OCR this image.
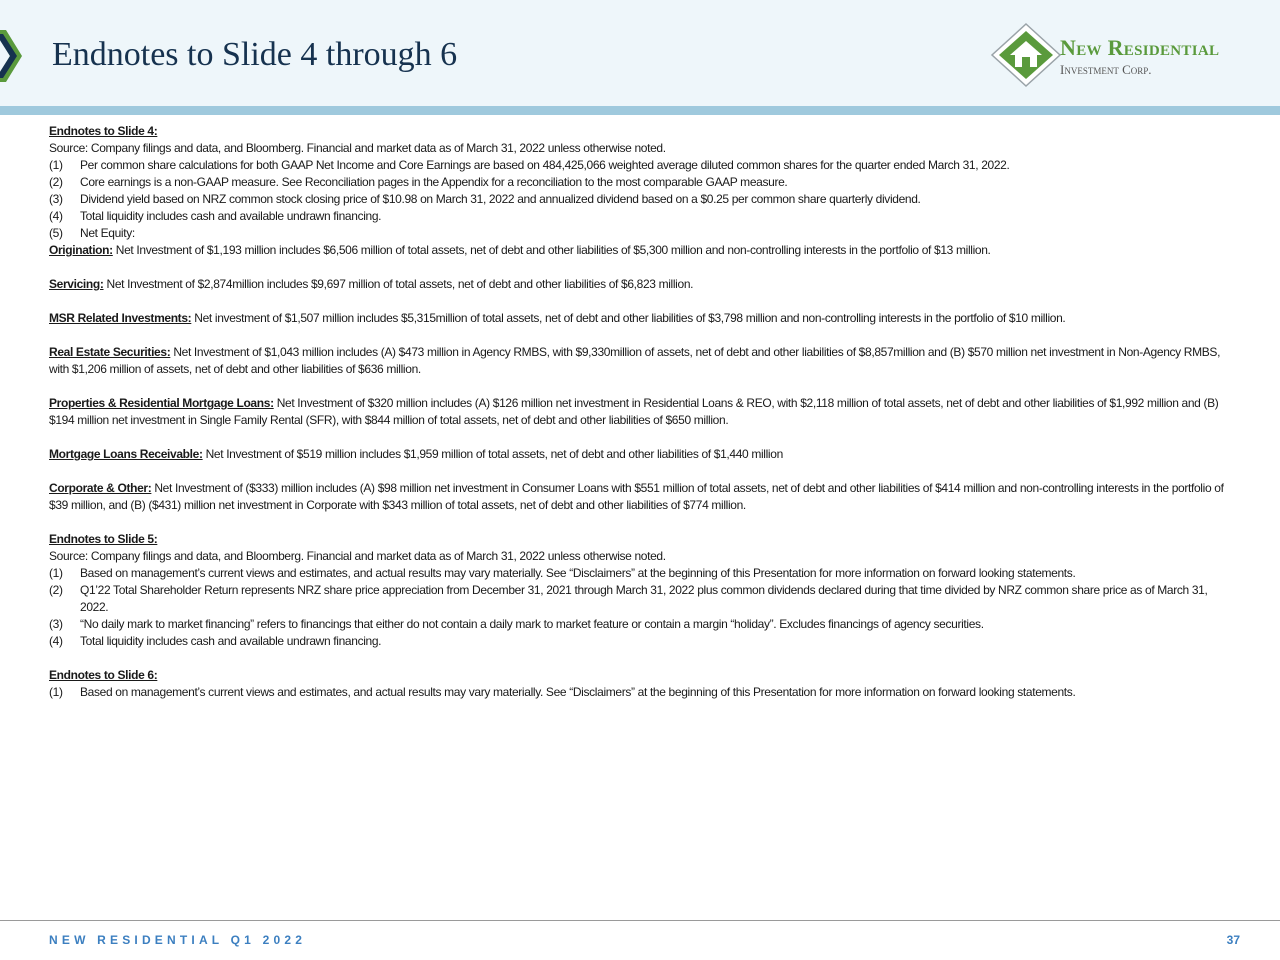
Endnotes to Slide 4 through 6	New Residential
Investment Corp.

Endnotes to Slide 4:

Source: Company filings and data, and Bloomberg. Financial and market data as of March 31, 2022 unless otherwise noted.

(1)	Per common share calculations for both GAAP Net Income and Core Earnings are based on 484,425,066 weighted average diluted common shares for the quarter ended March 31, 2022.
(2)	Core earnings is a non-GAAP measure. See Reconciliation pages in the Appendix for a reconciliation to the most comparable GAAP measure.
(3)	Dividend yield based on NRZ common stock closing price of $10.98 on March 31, 2022 and annualized dividend based on a $0.25 per common share quarterly dividend.
(4)	Total liquidity includes cash and available undrawn financing.
(5)	Net Equity:

Origination: Net Investment of $1,193 million includes $6,506 million of total assets, net of debt and other liabilities of $5,300 million and non-controlling interests in the portfolio of $13 million.

Servicing: Net Investment of $2,874million includes $9,697 million of total assets, net of debt and other liabilities of $6,823 million.

MSR Related Investments: Net investment of $1,507 million includes $5,315million of total assets, net of debt and other liabilities of $3,798 million and non-controlling interests in the portfolio of $10 million.

Real Estate Securities: Net Investment of $1,043 million includes (A) $473 million in Agency RMBS, with $9,330million of assets, net of debt and other liabilities of $8,857million and (B) $570 million net investment in Non-Agency RMBS, with $1,206 million of assets, net of debt and other liabilities of $636 million.

Properties & Residential Mortgage Loans: Net Investment of $320 million includes (A) $126 million net investment in Residential Loans & REO, with $2,118 million of total assets, net of debt and other liabilities of $1,992 million and (B) $194 million net investment in Single Family Rental (SFR), with $844 million of total assets, net of debt and other liabilities of $650 million.

Mortgage Loans Receivable: Net Investment of $519 million includes $1,959 million of total assets, net of debt and other liabilities of $1,440 million

Corporate & Other: Net Investment of ($333) million includes (A) $98 million net investment in Consumer Loans with $551 million of total assets, net of debt and other liabilities of $414 million and non-controlling interests in the portfolio of $39 million, and (B) ($431) million net investment in Corporate with $343 million of total assets, net of debt and other liabilities of $774 million.

Endnotes to Slide 5:

Source: Company filings and data, and Bloomberg. Financial and market data as of March 31, 2022 unless otherwise noted.

(1)	Based on management’s current views and estimates, and actual results may vary materially. See “Disclaimers” at the beginning of this Presentation for more information on forward looking statements.
(2)	Q1’22 Total Shareholder Return represents NRZ share price appreciation from December 31, 2021 through March 31, 2022 plus common dividends declared during that time divided by NRZ common share price as of March 31, 2022.
(3)	“No daily mark to market financing” refers to financings that either do not contain a daily mark to market feature or contain a margin “holiday”. Excludes financings of agency securities.
(4)	Total liquidity includes cash and available undrawn financing.

Endnotes to Slide 6:

(1)	Based on management’s current views and estimates, and actual results may vary materially. See “Disclaimers” at the beginning of this Presentation for more information on forward looking statements.
NEW RESIDENTIAL Q1 2022	37
